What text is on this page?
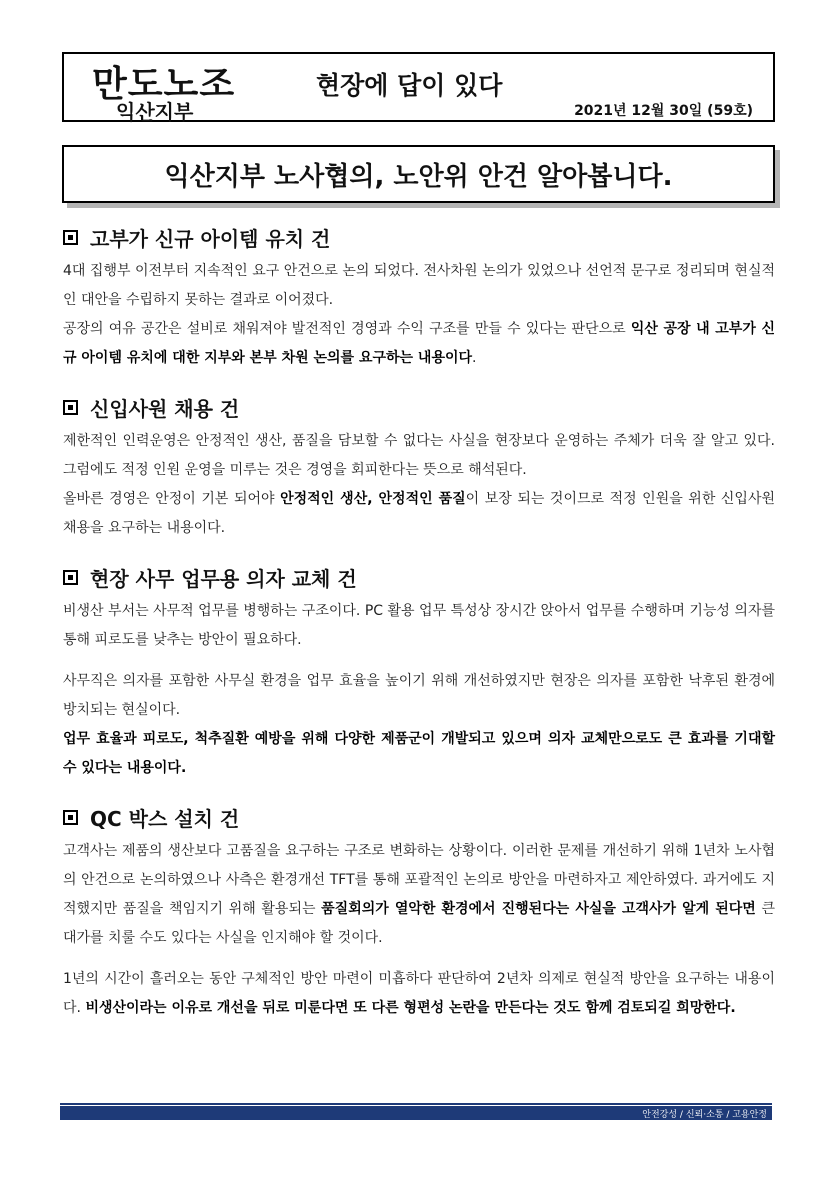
만도노조
익산지부
현장에 답이 있다
2021년 12월 30일 (59호)
익산지부 노사협의, 노안위 안건 알아봅니다.
고부가 신규 아이템 유치 건
4대 집행부 이전부터 지속적인 요구 안건으로 논의 되었다. 전사차원 논의가 있었으나 선언적 문구로 정리되며 현실적인 대안을 수립하지 못하는 결과로 이어졌다.
공장의 여유 공간은 설비로 채워져야 발전적인 경영과 수익 구조를 만들 수 있다는 판단으로 익산 공장 내 고부가 신규 아이템 유치에 대한 지부와 본부 차원 논의를 요구하는 내용이다.
신입사원 채용 건
제한적인 인력운영은 안정적인 생산, 품질을 담보할 수 없다는 사실을 현장보다 운영하는 주체가 더욱 잘 알고 있다. 그럼에도 적정 인원 운영을 미루는 것은 경영을 회피한다는 뜻으로 해석된다.
올바른 경영은 안정이 기본 되어야 안정적인 생산, 안정적인 품질이 보장 되는 것이므로 적정 인원을 위한 신입사원 채용을 요구하는 내용이다.
현장 사무 업무용 의자 교체 건
비생산 부서는 사무적 업무를 병행하는 구조이다. PC 활용 업무 특성상 장시간 앉아서 업무를 수행하며 기능성 의자를 통해 피로도를 낮추는 방안이 필요하다.
사무직은 의자를 포함한 사무실 환경을 업무 효율을 높이기 위해 개선하였지만 현장은 의자를 포함한 낙후된 환경에 방치되는 현실이다.
업무 효율과 피로도, 척추질환 예방을 위해 다양한 제품군이 개발되고 있으며 의자 교체만으로도 큰 효과를 기대할 수 있다는 내용이다.
QC 박스 설치 건
고객사는 제품의 생산보다 고품질을 요구하는 구조로 변화하는 상황이다. 이러한 문제를 개선하기 위해 1년차 노사협의 안건으로 논의하였으나 사측은 환경개선 TFT를 통해 포괄적인 논의로 방안을 마련하자고 제안하였다. 과거에도 지적했지만 품질을 책임지기 위해 활용되는 품질회의가 열악한 환경에서 진행된다는 사실을 고객사가 알게 된다면 큰 대가를 치룰 수도 있다는 사실을 인지해야 할 것이다.
1년의 시간이 흘러오는 동안 구체적인 방안 마련이 미흡하다 판단하여 2년차 의제로 현실적 방안을 요구하는 내용이다. 비생산이라는 이유로 개선을 뒤로 미룬다면 또 다른 형편성 논란을 만든다는 것도 함께 검토되길 희망한다.
안전강성 / 신뢰·소통 / 고용안정
